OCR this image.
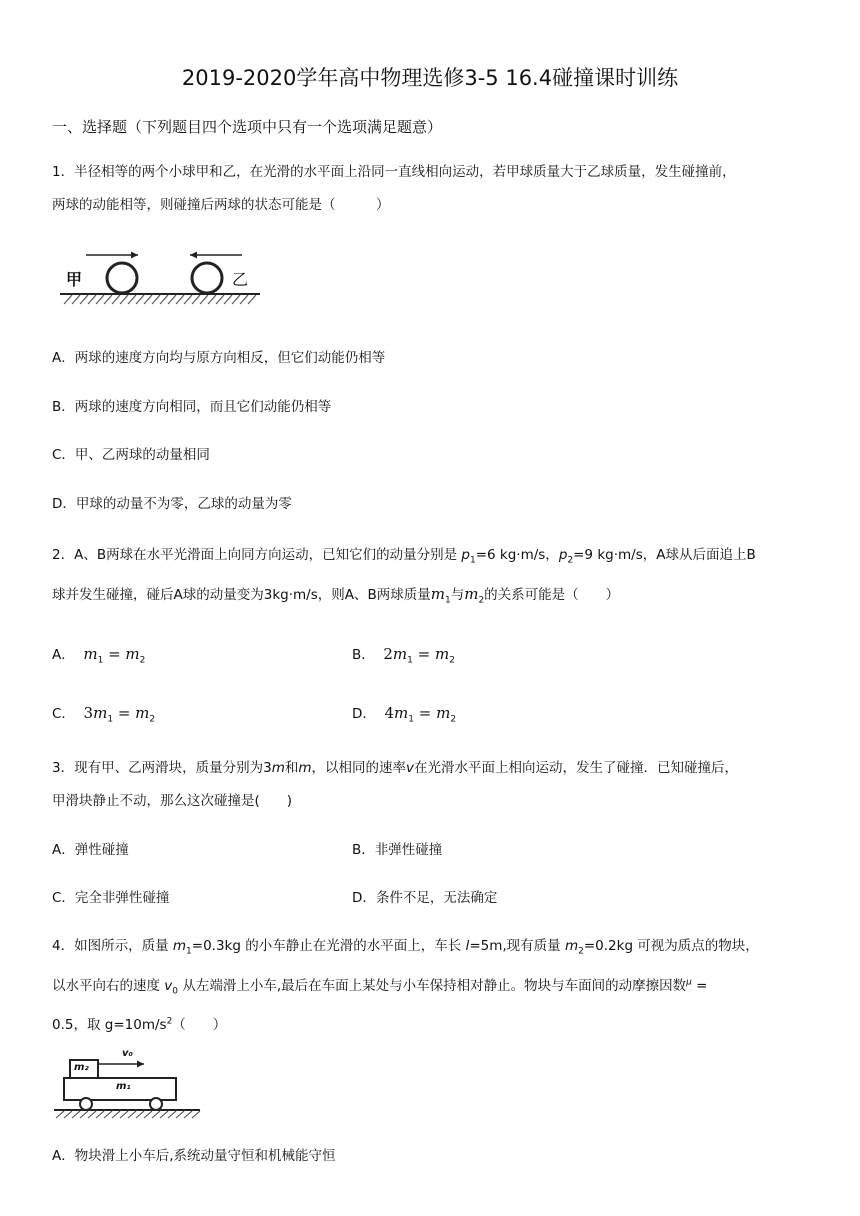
2019-2020学年高中物理选修3-5 16.4碰撞课时训练
一、选择题（下列题目四个选项中只有一个选项满足题意）
1．半径相等的两个小球甲和乙，在光滑的水平面上沿同一直线相向运动，若甲球质量大于乙球质量，发生碰撞前，
两球的动能相等，则碰撞后两球的状态可能是（　　　）
甲	乙
A．两球的速度方向均与原方向相反，但它们动能仍相等
B．两球的速度方向相同，而且它们动能仍相等
C．甲、乙两球的动量相同
D．甲球的动量不为零，乙球的动量为零
2．A、B两球在水平光滑面上向同方向运动，已知它们的动量分别是 $p_1=6$ kg·m/s，$p_2=9$ kg·m/s，A球从后面追上B
球并发生碰撞，碰后A球的动量变为3kg·m/s，则A、B两球质量$m_1$与$m_2$的关系可能是（　　）
A． $m_1 = m_2$	B． $2m_1 = m_2$
C． $3m_1 = m_2$	D． $4m_1 = m_2$
3．现有甲、乙两滑块，质量分别为3m和m，以相同的速率v在光滑水平面上相向运动，发生了碰撞．已知碰撞后，
甲滑块静止不动，那么这次碰撞是(　　)
A．弹性碰撞	B．非弹性碰撞
C．完全非弹性碰撞	D．条件不足，无法确定
4．如图所示，质量 $m_1=0.3kg$ 的小车静止在光滑的水平面上，车长 l=5m,现有质量 $m_2=0.2kg$ 可视为质点的物块，
以水平向右的速度 $v_0$ 从左端滑上小车,最后在车面上某处与小车保持相对静止。物块与车面间的动摩擦因数$^\mu$ =
0.5，取 $g=10m/s^2$（　　）
m₂
v₀
m₁
A．物块滑上小车后,系统动量守恒和机械能守恒
